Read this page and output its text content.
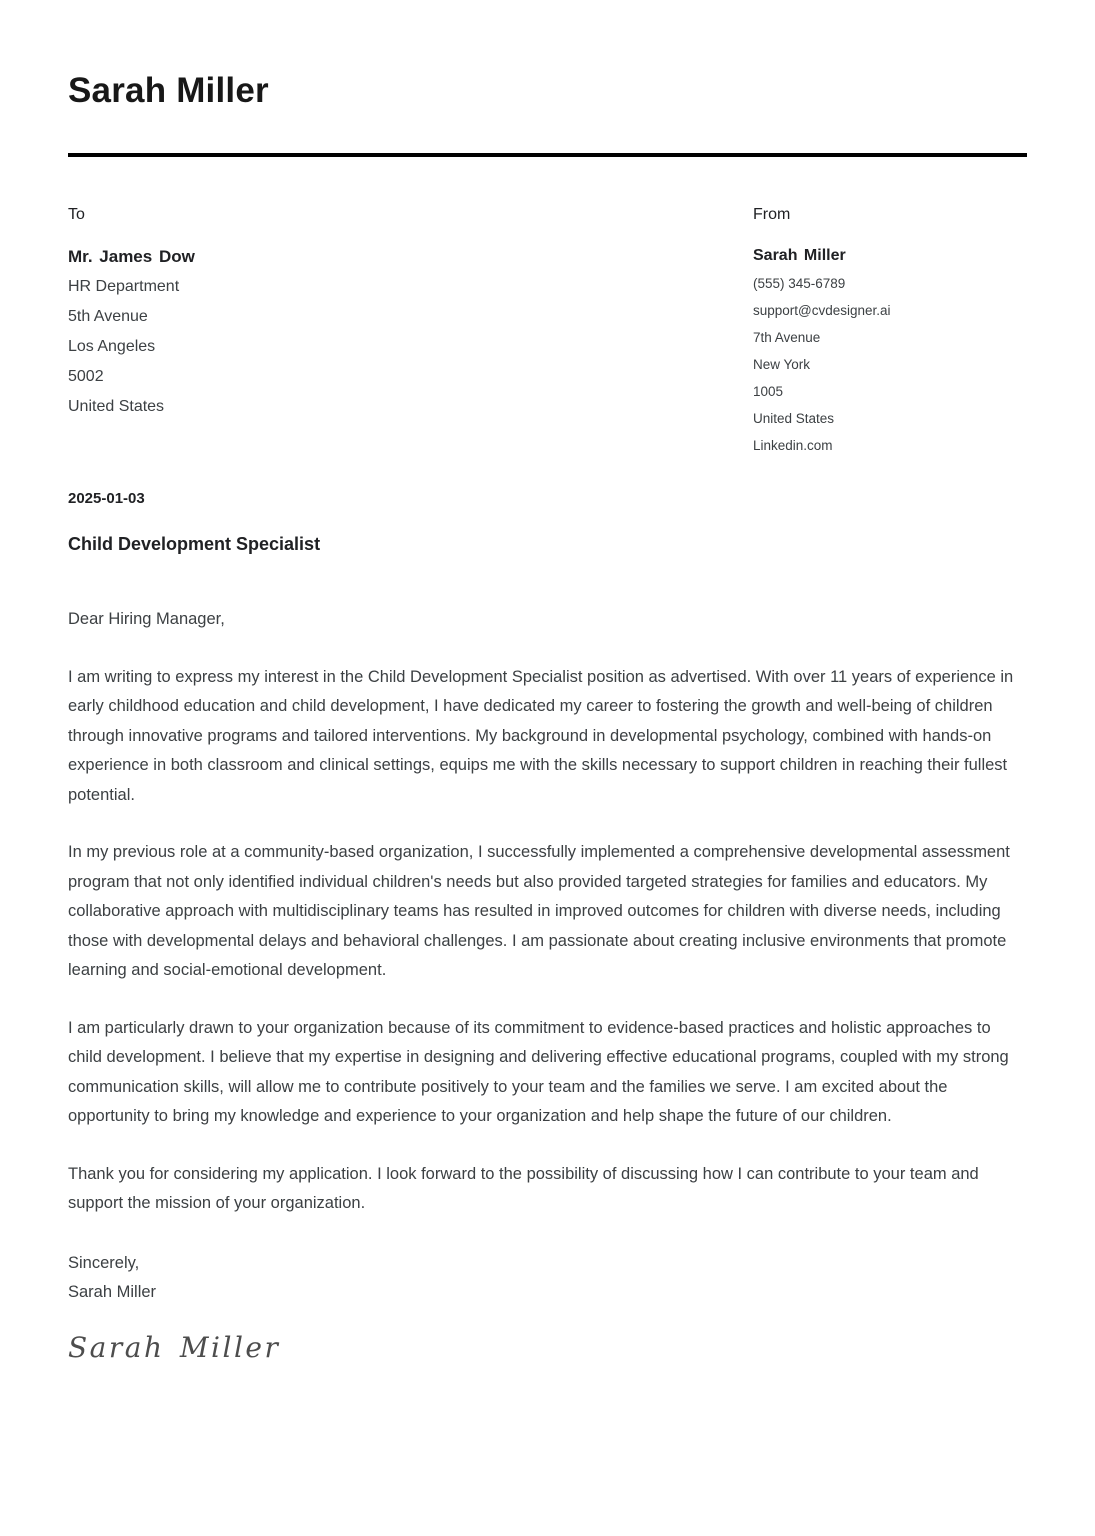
Sarah Miller
To
Mr. James Dow
HR Department
5th Avenue
Los Angeles
5002
United States
From
Sarah Miller
(555) 345-6789
support@cvdesigner.ai
7th Avenue
New York
1005
United States
Linkedin.com
2025-01-03
Child Development Specialist
Dear Hiring Manager,

I am writing to express my interest in the Child Development Specialist position as advertised. With over 11 years of experience in early childhood education and child development, I have dedicated my career to fostering the growth and well-being of children through innovative programs and tailored interventions. My background in developmental psychology, combined with hands-on experience in both classroom and clinical settings, equips me with the skills necessary to support children in reaching their fullest potential.

In my previous role at a community-based organization, I successfully implemented a comprehensive developmental assessment program that not only identified individual children's needs but also provided targeted strategies for families and educators. My collaborative approach with multidisciplinary teams has resulted in improved outcomes for children with diverse needs, including those with developmental delays and behavioral challenges. I am passionate about creating inclusive environments that promote learning and social-emotional development.

I am particularly drawn to your organization because of its commitment to evidence-based practices and holistic approaches to child development. I believe that my expertise in designing and delivering effective educational programs, coupled with my strong communication skills, will allow me to contribute positively to your team and the families we serve. I am excited about the opportunity to bring my knowledge and experience to your organization and help shape the future of our children.

Thank you for considering my application. I look forward to the possibility of discussing how I can contribute to your team and support the mission of your organization.

Sincerely,
Sarah Miller
Sarah Miller
